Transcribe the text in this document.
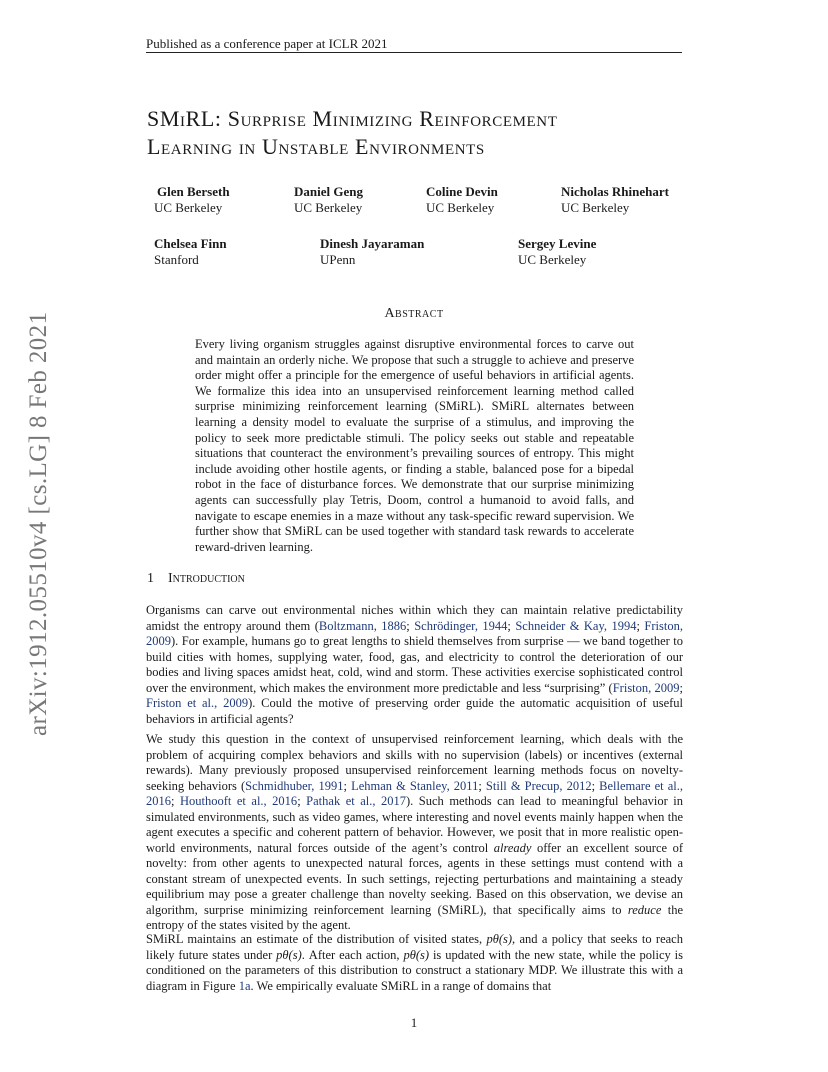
Published as a conference paper at ICLR 2021
SMiRL: Surprise Minimizing Reinforcement
Learning in Unstable Environments
Glen Berseth
UC Berkeley
Daniel Geng
UC Berkeley
Coline Devin
UC Berkeley
Nicholas Rhinehart
UC Berkeley
Chelsea Finn
Stanford
Dinesh Jayaraman
UPenn
Sergey Levine
UC Berkeley
Abstract

Every living organism struggles against disruptive environmental forces to carve out and maintain an orderly niche. We propose that such a struggle to achieve and preserve order might offer a principle for the emergence of useful behaviors in artificial agents. We formalize this idea into an unsupervised reinforcement learning method called surprise minimizing reinforcement learning (SMiRL). SMiRL alternates between learning a density model to evaluate the surprise of a stimulus, and improving the policy to seek more predictable stimuli. The policy seeks out stable and repeatable situations that counteract the environment’s prevailing sources of entropy. This might include avoiding other hostile agents, or finding a stable, balanced pose for a bipedal robot in the face of disturbance forces. We demonstrate that our surprise minimizing agents can successfully play Tetris, Doom, control a humanoid to avoid falls, and navigate to escape enemies in a maze without any task-specific reward supervision. We further show that SMiRL can be used together with standard task rewards to accelerate reward-driven learning.

1 Introduction

Organisms can carve out environmental niches within which they can maintain relative predictability amidst the entropy around them (Boltzmann, 1886; Schrödinger, 1944; Schneider & Kay, 1994; Friston, 2009). For example, humans go to great lengths to shield themselves from surprise — we band together to build cities with homes, supplying water, food, gas, and electricity to control the deterioration of our bodies and living spaces amidst heat, cold, wind and storm. These activities exercise sophisticated control over the environment, which makes the environment more predictable and less “surprising” (Friston, 2009; Friston et al., 2009). Could the motive of preserving order guide the automatic acquisition of useful behaviors in artificial agents?

We study this question in the context of unsupervised reinforcement learning, which deals with the problem of acquiring complex behaviors and skills with no supervision (labels) or incentives (external rewards). Many previously proposed unsupervised reinforcement learning methods focus on novelty-seeking behaviors (Schmidhuber, 1991; Lehman & Stanley, 2011; Still & Precup, 2012; Bellemare et al., 2016; Houthooft et al., 2016; Pathak et al., 2017). Such methods can lead to meaningful behavior in simulated environments, such as video games, where interesting and novel events mainly happen when the agent executes a specific and coherent pattern of behavior. However, we posit that in more realistic open-world environments, natural forces outside of the agent’s control already offer an excellent source of novelty: from other agents to unexpected natural forces, agents in these settings must contend with a constant stream of unexpected events. In such settings, rejecting perturbations and maintaining a steady equilibrium may pose a greater challenge than novelty seeking. Based on this observation, we devise an algorithm, surprise minimizing reinforcement learning (SMiRL), that specifically aims to reduce the entropy of the states visited by the agent.

SMiRL maintains an estimate of the distribution of visited states, pθ(s), and a policy that seeks to reach likely future states under pθ(s). After each action, pθ(s) is updated with the new state, while the policy is conditioned on the parameters of this distribution to construct a stationary MDP. We illustrate this with a diagram in Figure 1a. We empirically evaluate SMiRL in a range of domains that

1
arXiv:1912.05510v4 [cs.LG] 8 Feb 2021
